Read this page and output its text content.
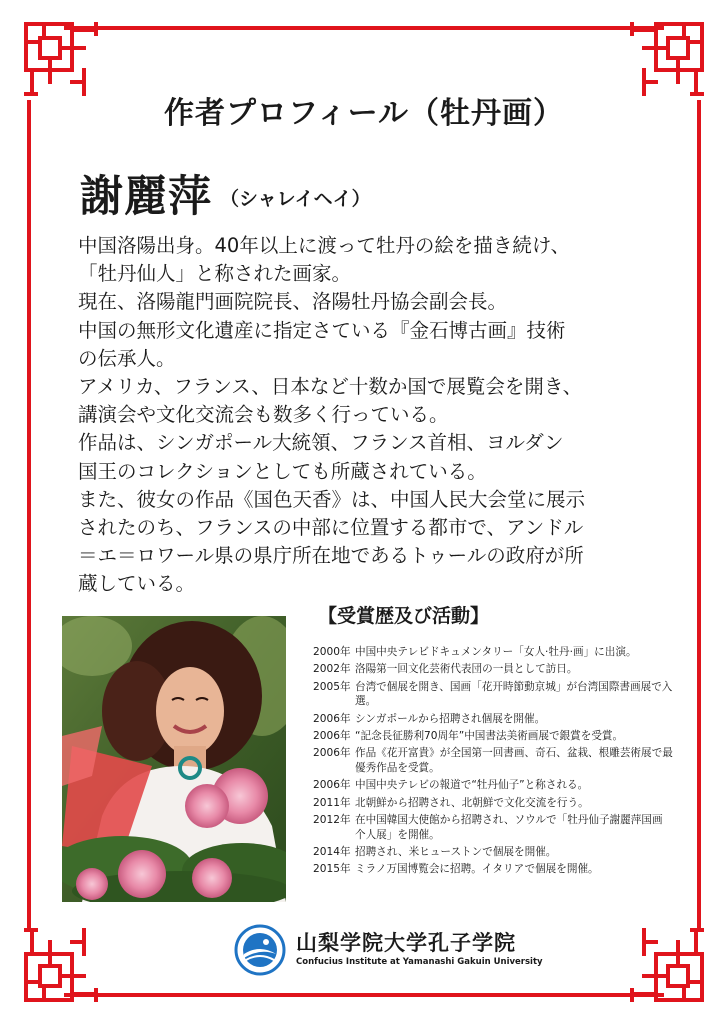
作者プロフィール（牡丹画）
謝麗萍 （シャレイヘイ）

中国洛陽出身。40年以上に渡って牡丹の絵を描き続け、

「牡丹仙人」と称された画家。

現在、洛陽龍門画院院長、洛陽牡丹協会副会長。

中国の無形文化遺産に指定さている『金石博古画』技術

の伝承人。

アメリカ、フランス、日本など十数か国で展覧会を開き、

講演会や文化交流会も数多く行っている。

作品は、シンガポール大統領、フランス首相、ヨルダン

国王のコレクションとしても所蔵されている。

また、彼女の作品《国色天香》は、中国人民大会堂に展示

されたのち、フランスの中部に位置する都市で、アンドル

＝エ＝ロワール県の県庁所在地であるトゥールの政府が所

蔵している。

【受賞歴及び活動】
2000年 中国中央テレビドキュメンタリー「女人·牡丹·画」に出演。
2002年 洛陽第一回文化芸術代表団の一員として訪日。
2005年 台湾で個展を開き、国画「花开時節動京城」が台湾国際書画展で入選。
2006年 シンガポールから招聘され個展を開催。
2006年 “記念長征勝利70周年”中国書法美術画展で銀賞を受賞。
2006年 作品《花开富貴》が全国第一回書画、奇石、盆栽、根雕芸術展で最優秀作品を受賞。
2006年 中国中央テレビの報道で“牡丹仙子”と称される。
2011年 北朝鮮から招聘され、北朝鮮で文化交流を行う。
2012年 在中国韓国大使館から招聘され、ソウルで「牡丹仙子謝麗萍国画个人展」を開催。
2014年 招聘され、米ヒューストンで個展を開催。
2015年 ミラノ万国博覧会に招聘。イタリアで個展を開催。
山梨学院大学孔子学院
Confucius Institute at Yamanashi Gakuin University
